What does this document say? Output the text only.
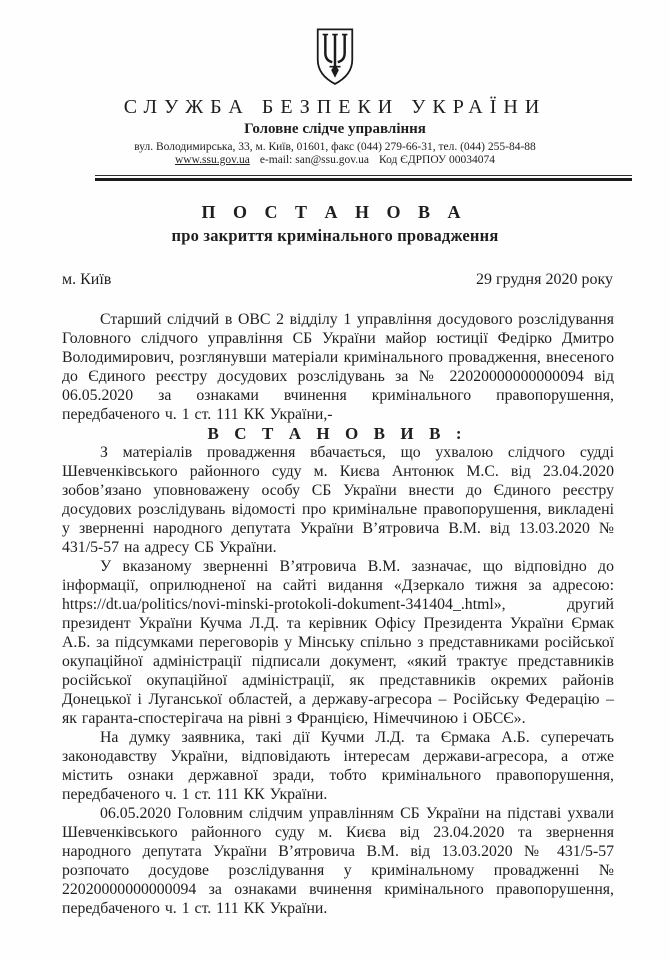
СЛУЖБА БЕЗПЕКИ УКРАЇНИ
Головне слідче управління
вул. Володимирська, 33, м. Київ, 01601, факс (044) 279-66-31, тел. (044) 255-84-88
www.ssu.gov.ua e-mail: san@ssu.gov.ua Код ЄДРПОУ 00034074
П О С Т А Н О В А
про закриття кримінального провадження
м. Київ	29 грудня 2020 року

Старший слідчий в ОВС 2 відділу 1 управління досудового розслідування Головного слідчого управління СБ України майор юстиції Федірко Дмитро Володимирович, розглянувши матеріали кримінального провадження, внесеного до Єдиного реєстру досудових розслідувань за № 22020000000000094 від 06.05.2020 за ознаками вчинення кримінального правопорушення, передбаченого ч. 1 ст. 111 КК України,-

В С Т А Н О В И В :

З матеріалів провадження вбачається, що ухвалою слідчого судді Шевченківського районного суду м. Києва Антонюк М.С. від 23.04.2020 зобов’язано уповноважену особу СБ України внести до Єдиного реєстру досудових розслідувань відомості про кримінальне правопорушення, викладені у зверненні народного депутата України В’ятровича В.М. від 13.03.2020 № 431/5-57 на адресу СБ України.

У вказаному зверненні В’ятровича В.М. зазначає, що відповідно до інформації, оприлюдненої на сайті видання «Дзеркало тижня за адресою: https://dt.ua/politics/novi-minski-protokoli-dokument-341404_.html», другий президент України Кучма Л.Д. та керівник Офісу Президента України Єрмак А.Б. за підсумками переговорів у Мінську спільно з представниками російської окупаційної адміністрації підписали документ, «який трактує представників російської окупаційної адміністрації, як представників окремих районів Донецької і Луганської областей, а державу-агресора – Російську Федерацію – як гаранта-спостерігача на рівні з Францією, Німеччиною і ОБСЄ».

На думку заявника, такі дії Кучми Л.Д. та Єрмака А.Б. суперечать законодавству України, відповідають інтересам держави-агресора, а отже містить ознаки державної зради, тобто кримінального правопорушення, передбаченого ч. 1 ст. 111 КК України.

06.05.2020 Головним слідчим управлінням СБ України на підставі ухвали Шевченківського районного суду м. Києва від 23.04.2020 та звернення народного депутата України В’ятровича В.М. від 13.03.2020 № 431/5-57 розпочато досудове розслідування у кримінальному провадженні № 22020000000000094 за ознаками вчинення кримінального правопорушення, передбаченого ч. 1 ст. 111 КК України.
